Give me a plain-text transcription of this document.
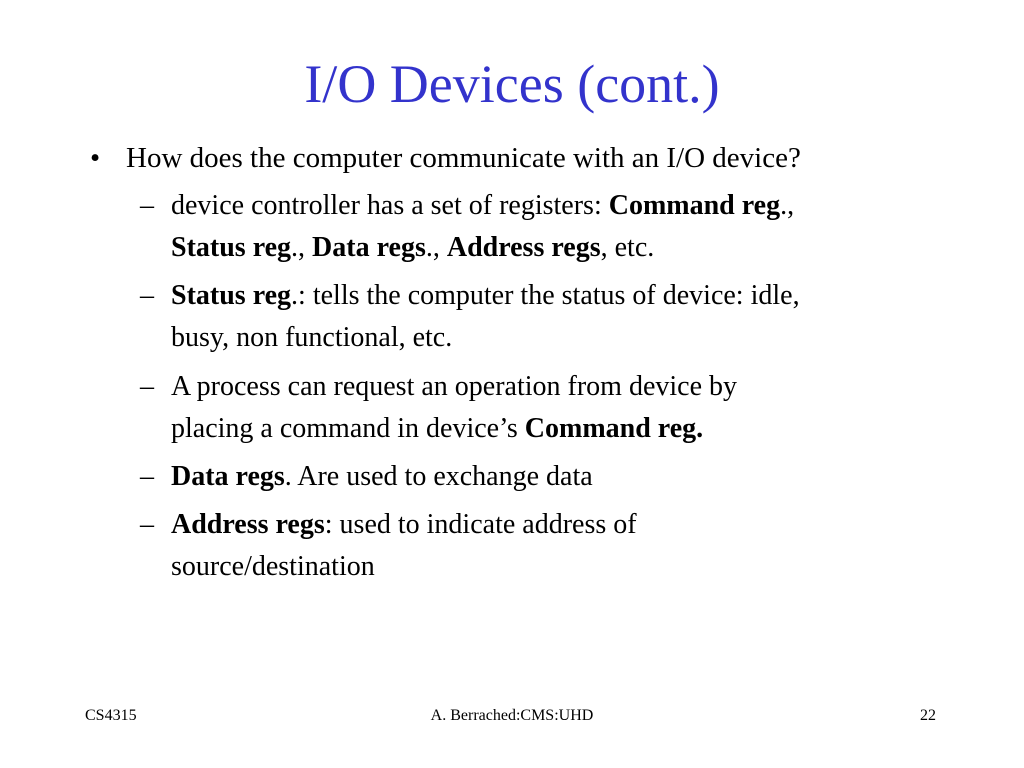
I/O Devices (cont.)
• How does the computer communicate with an I/O device?
– device controller has a set of registers: Command reg.,
Status reg., Data regs., Address regs, etc.
– Status reg.: tells the computer the status of device: idle,
busy, non functional, etc.
– A process can request an operation from device by
placing a command in device’s Command reg.
– Data regs. Are used to exchange data
– Address regs: used to indicate address of
source/destination
CS4315	A. Berrached:CMS:UHD	22
